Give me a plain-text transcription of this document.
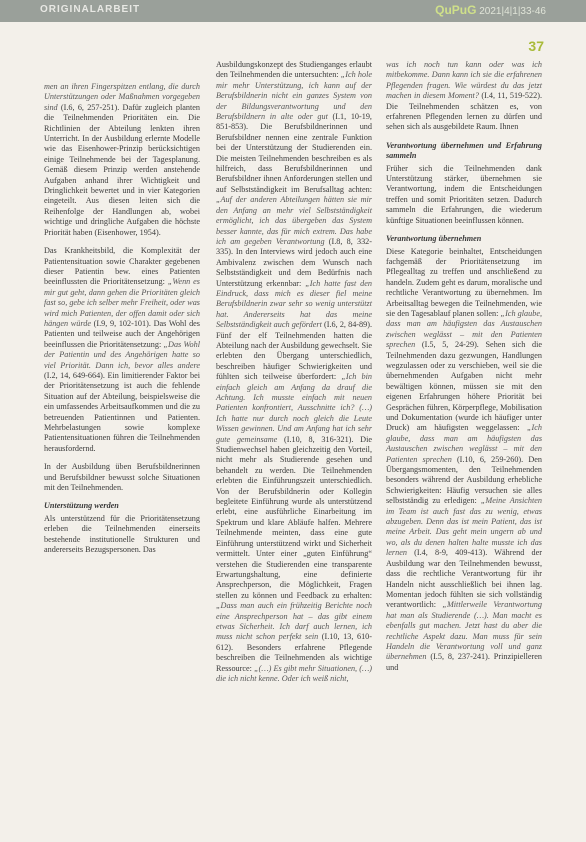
ORIGINALARBEIT	QuPuG 2021|4|1|33-46
37

men an ihren Fingerspitzen entlang, die durch Unterstützungen oder Maßnahmen vorgegeben sind (I.6, 6, 257-251). Dafür zugleich planten die Teilnehmenden Prioritäten ein. Die Richtlinien der Abteilung lenkten ihren Unterricht. In der Ausbildung erlernte Modelle wie das Eisenhower-Prinzip berücksichtigen einige Teilnehmende bei der Tagesplanung. Gemäß diesem Prinzip werden anstehende Aufgaben anhand ihrer Wichtigkeit und Dringlichkeit bewertet und in vier Kategorien eingeteilt. Aus diesen leiten sich die Reihenfolge der Handlungen ab, wobei wichtige und dringliche Aufgaben die höchste Priorität haben (Eisenhower, 1954).

Das Krankheitsbild, die Komplexität der Patientensituation sowie Charakter gegebenen dieser Patientin bew. eines Patienten beeinflussten die Prioritätensetzung: „Wenn es mir gut geht, dann gehen die Prioritäten gleich fast so, gebe ich selber mehr Freiheit, oder was wird mich Patienten, der offen damit oder sich hängen würde (I.9, 9, 102-101). Das Wohl des Patienten und teilweise auch der Angehörigen beeinflussen die Prioritätensetzung: „Das Wohl der Patientin und des Angehörigen hatte so viel Priorität. Dann ich, bevor alles andere (I.2, 14, 649-664). Ein limitierender Faktor bei der Prioritätensetzung ist auch die fehlende Situation auf der Abteilung, beispielsweise die ein umfassendes Arbeitsaufkommen und die zu betreuenden Patientinnen und Patienten. Mehrbelastungen sowie komplexe Patientensituationen führen die Teilnehmenden herausfordernd.

In der Ausbildung üben Berufsbildnerinnen und Berufsbildner bewusst solche Situationen mit den Teilnehmenden.

Unterstützung werden

Als unterstützend für die Prioritätensetzung erleben die Teilnehmenden einerseits bestehende institutionelle Strukturen und andererseits Bezugspersonen. Das

Ausbildungskonzept des Studienganges erlaubt den Teilnehmenden die untersuchten: „Ich hole mir mehr Unterstützung, ich kann auf der Berufsbildnerin nicht ein ganzes System von der Bildungsverantwortung und den Berufsbildnern in alte oder gut (I.1, 10-19, 851-853). Die Berufsbildnerinnen und Berufsbildner nennen eine zentrale Funktion bei der Unterstützung der Studierenden ein. Die meisten Teilnehmenden beschreiben es als hilfreich, dass Berufsbildnerinnen und Berufsbildner ihnen Anforderungen stellen und auf Selbstständigkeit im Berufsalltag achten: „Auf der anderen Abteilungen hätten sie mir den Anfang an mehr viel Selbstständigkeit ermöglicht, ich das übergeben das System besser kannte, das für mich extrem. Das habe ich am gegeben Verantwortung (I.8, 8, 332-335). In den Interviews wird jedoch auch eine Ambivalenz zwischen dem Wunsch nach Selbstständigkeit und dem Bedürfnis nach Unterstützung erkennbar: „Ich hatte fast den Eindruck, dass mich es dieser fiel meine Berufsbildnerin zwar sehr so wenig unterstützt hat. Andererseits hat das meine Selbstständigkeit auch gefördert (I.6, 2, 84-89). Fünf der elf Teilnehmenden hatten die Abteilung nach der Ausbildung gewechselt. Sie erlebten den Übergang unterschiedlich, beschreiben häufiger Schwierigkeiten und fühlten sich teilweise überfordert: „Ich bin einfach gleich am Anfang da drauf die Achtung. Ich musste einfach mit neuen Patienten konfrontiert, Ausschnitte ich? (…) Ich hatte nur durch noch gleich die Leute Wissen gewinnen. Und am Anfang hat ich sehr gute gemeinsame (I.10, 8, 316-321). Die Studienwechsel haben gleichzeitig den Vorteil, nicht mehr als Studierende gesehen und behandelt zu werden. Die Teilnehmenden erlebten die Einführungszeit unterschiedlich. Von der Berufsbildnerin oder Kollegin begleitete Einführung wurde als unterstützend erlebt, eine ausführliche Einarbeitung im Spektrum und klare Abläufe halfen. Mehrere Teilnehmende meinten, dass eine gute Einführung unterstützend wirkt und Sicherheit vermittelt. Unter einer „guten Einführung“ verstehen die Studierenden eine transparente Erwartungshaltung, eine definierte Ansprechperson, die Möglichkeit, Fragen stellen zu können und Feedback zu erhalten: „Dass man auch ein frühzeitig Berichte noch eine Ansprechperson hat – das gibt einem etwas Sicherheit. Ich darf auch lernen, ich muss nicht schon perfekt sein (I.10, 13, 610-612). Besonders erfahrene Pflegende beschreiben die Teilnehmenden als wichtige Ressource: „(…) Es gibt mehr Situationen, (…) die ich nicht kenne. Oder ich weiß nicht,

was ich noch tun kann oder was ich mitbekomme. Dann kann ich sie die erfahrenen Pflegenden fragen. Wie würdest du das jetzt machen in diesem Moment? (I.4, 11, 519-522). Die Teilnehmenden schätzen es, von erfahrenen Pflegenden lernen zu dürfen und sehen sich als ausgebildete Raum. Ihnen

Verantwortung übernehmen und Erfahrung sammeln

Früher sich die Teilnehmenden dank Unterstützung stärker, übernehmen sie Verantwortung, indem die Entscheidungen treffen und somit Prioritäten setzen. Dadurch sammeln die Erfahrungen, die wiederum künftige Situationen beeinflussen können.

Verantwortung übernehmen

Diese Kategorie beinhaltet, Entscheidungen fachgemäß der Prioritätensetzung im Pflegealltag zu treffen und anschließend zu handeln. Zudem geht es darum, moralische und rechtliche Verantwortung zu übernehmen. Im Arbeitsalltag bewegen die Teilnehmenden, wie sie den Tagesablauf planen sollen: „Ich glaube, dass man am häufigsten das Austauschen zwischen weglässt – mit den Patienten sprechen (I.5, 5, 24-29). Sehen sich die Teilnehmenden dazu gezwungen, Handlungen wegzulassen oder zu verschieben, weil sie die übernehmenden Aufgaben nicht mehr bewältigen können, müssen sie mit den eigenen Erfahrungen höhere Priorität bei Gesprächen führen, Körperpflege, Mobilisation und Dokumentation (wurde ich häufiger unter Druck) am häufigsten weggelassen: „Ich glaube, dass man am häufigsten das Austauschen zwischen weglässt – mit den Patienten sprechen (I.10, 6, 259-260). Den Übergangsmomenten, den Teilnehmenden besonders während der Ausbildung erhebliche Schwierigkeiten: Häufig versuchen sie alles selbstständig zu erledigen: „Meine Ansichten im Team ist auch fast das zu wenig, etwas abzugeben. Denn das ist mein Patient, das ist meine Arbeit. Das geht mein ungern ab und wo, als du denen halten halte musste ich das lernen (I.4, 8-9, 409-413). Während der Ausbildung war den Teilnehmenden bewusst, dass die rechtliche Verantwortung für ihr Handeln nicht ausschließlich bei ihnen lag. Momentan jedoch fühlten sie sich vollständig verantwortlich: „Mittlerweile Verantwortung hat man als Studierende (…). Man macht es ebenfalls gut machen. Jetzt hast du aber die rechtliche Aspekt dazu. Man muss für sein Handeln die Verantwortung voll und ganz übernehmen (I.5, 8, 237-241). Prinzipielleren und
